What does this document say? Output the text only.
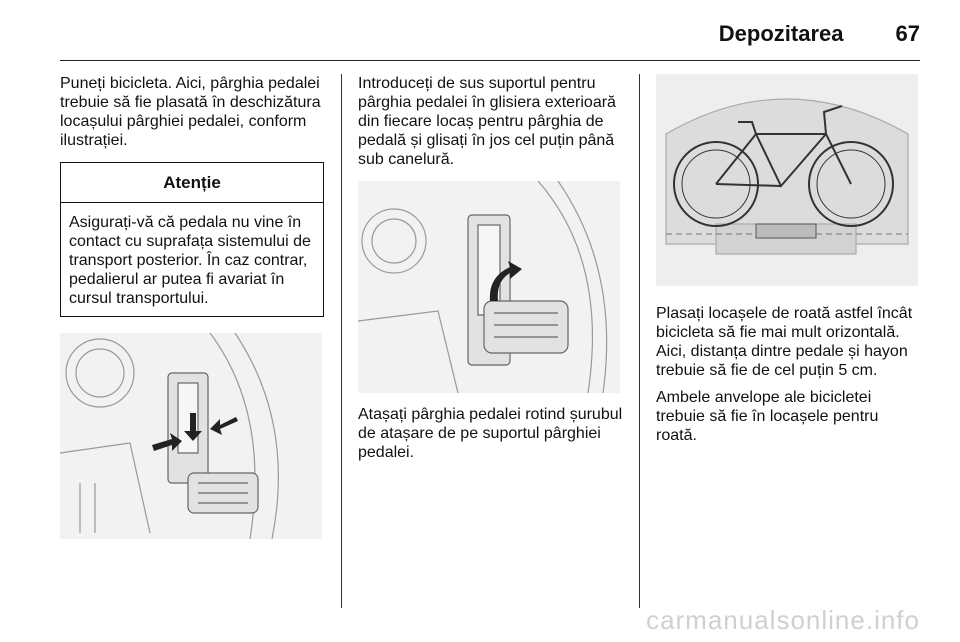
Depozitarea 67

Puneți bicicleta. Aici, pârghia pedalei trebuie să fie plasată în deschizătura locașului pârghiei pedalei, conform ilustrației.

Atenție
Asigurați-vă că pedala nu vine în contact cu suprafața sistemului de transport posterior. În caz contrar, pedalierul ar putea fi avariat în cursul transportului.

Introduceți de sus suportul pentru pârghia pedalei în glisiera exterioară din fiecare locaș pentru pârghia de pedală și glisați în jos cel puțin până sub canelură.

Atașați pârghia pedalei rotind șurubul de atașare de pe suportul pârghiei pedalei.

Plasați locașele de roată astfel încât bicicleta să fie mai mult orizontală. Aici, distanța dintre pedale și hayon trebuie să fie de cel puțin 5 cm.

Ambele anvelope ale bicicletei trebuie să fie în locașele pentru roată.

carmanualsonline.info
